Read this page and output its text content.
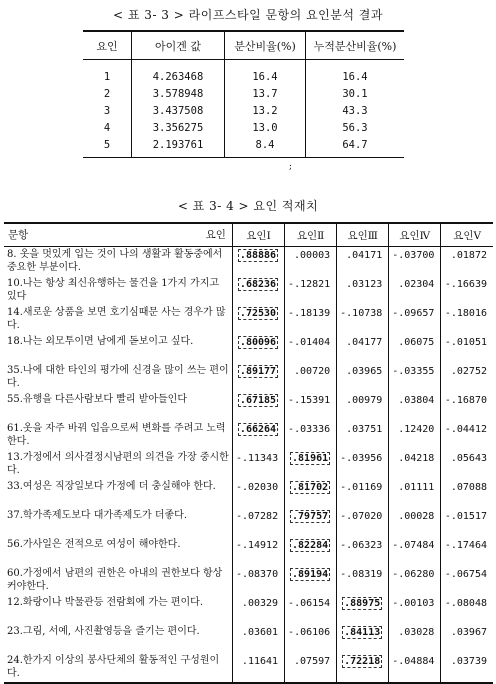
< 표 3- 3 > 라이프스타일 문항의 요인분석 결과
요인	아이겐 값	분산비율(%)	누적분산비율(%)
1	4.263468	16.4	16.4
2	3.578948	13.7	30.1
3	3.437508	13.2	43.3
4	3.356275	13.0	56.3
5	2.193761	8.4	64.7
;
< 표 3- 4 > 요인 적재치
문항 요인	요인Ⅰ	요인Ⅱ	요인Ⅲ	요인Ⅳ	요인Ⅴ
8. 옷을 멋있게 입는 것이 나의 생활과 활동중에서 중요한 부분이다.	.88886	.00003	.04171	-.03700	.01872
10.나는 항상 최신유행하는 물건을 1가지 가지고 있다	.68236	-.12821	.03123	.02304	-.16639
14.새로운 상품을 보면 호기심때문 사는 경우가 많다.	.72530	-.18139	-.10738	-.09657	-.18016
18.나는 외모투이면 남에게 돋보이고 싶다.	.80096	-.01404	.04177	.06075	-.01051
35.나에 대한 타인의 평가에 신경을 많이 쓰는 편이다.	.89177	.00720	.03965	-.03355	.02752
55.유행을 다른사람보다 빨리 받아들인다	.67185	-.15391	.00979	.03804	-.16870
61.옷을 자주 바꿔 입음으로써 변화를 주려고 노력한다.	.66264	-.03336	.03751	.12420	-.04412
13.가정에서 의사결정시남편의 의견을 가장 중시한다.	-.11343	.81961	-.03956	.04218	.05643
33.여성은 직장일보다 가정에 더 충실해야 한다.	-.02030	.81702	-.01169	.01111	.07088
37.학가족제도보다 대가족제도가 더좋다.	-.07282	.79757	-.07020	.00028	-.01517
56.가사일은 전적으로 여성이 해야한다.	-.14912	.82284	-.06323	-.07484	-.17464
60.가정에서 남편의 권한은 아내의 권한보다 항상 커야한다.	-.08370	.89194	-.08319	-.06280	-.06754
12.화랑이나 박물관등 전람회에 가는 편이다.	.00329	-.06154	.88975	-.00103	-.08048
23.그림, 서예, 사진촬영등을 즐기는 편이다.	.03601	-.06106	.84113	.03028	.03967
24.한가지 이상의 봉사단체의 활동적인 구성원이다.	.11641	.07597	.72218	-.04884	.03739
